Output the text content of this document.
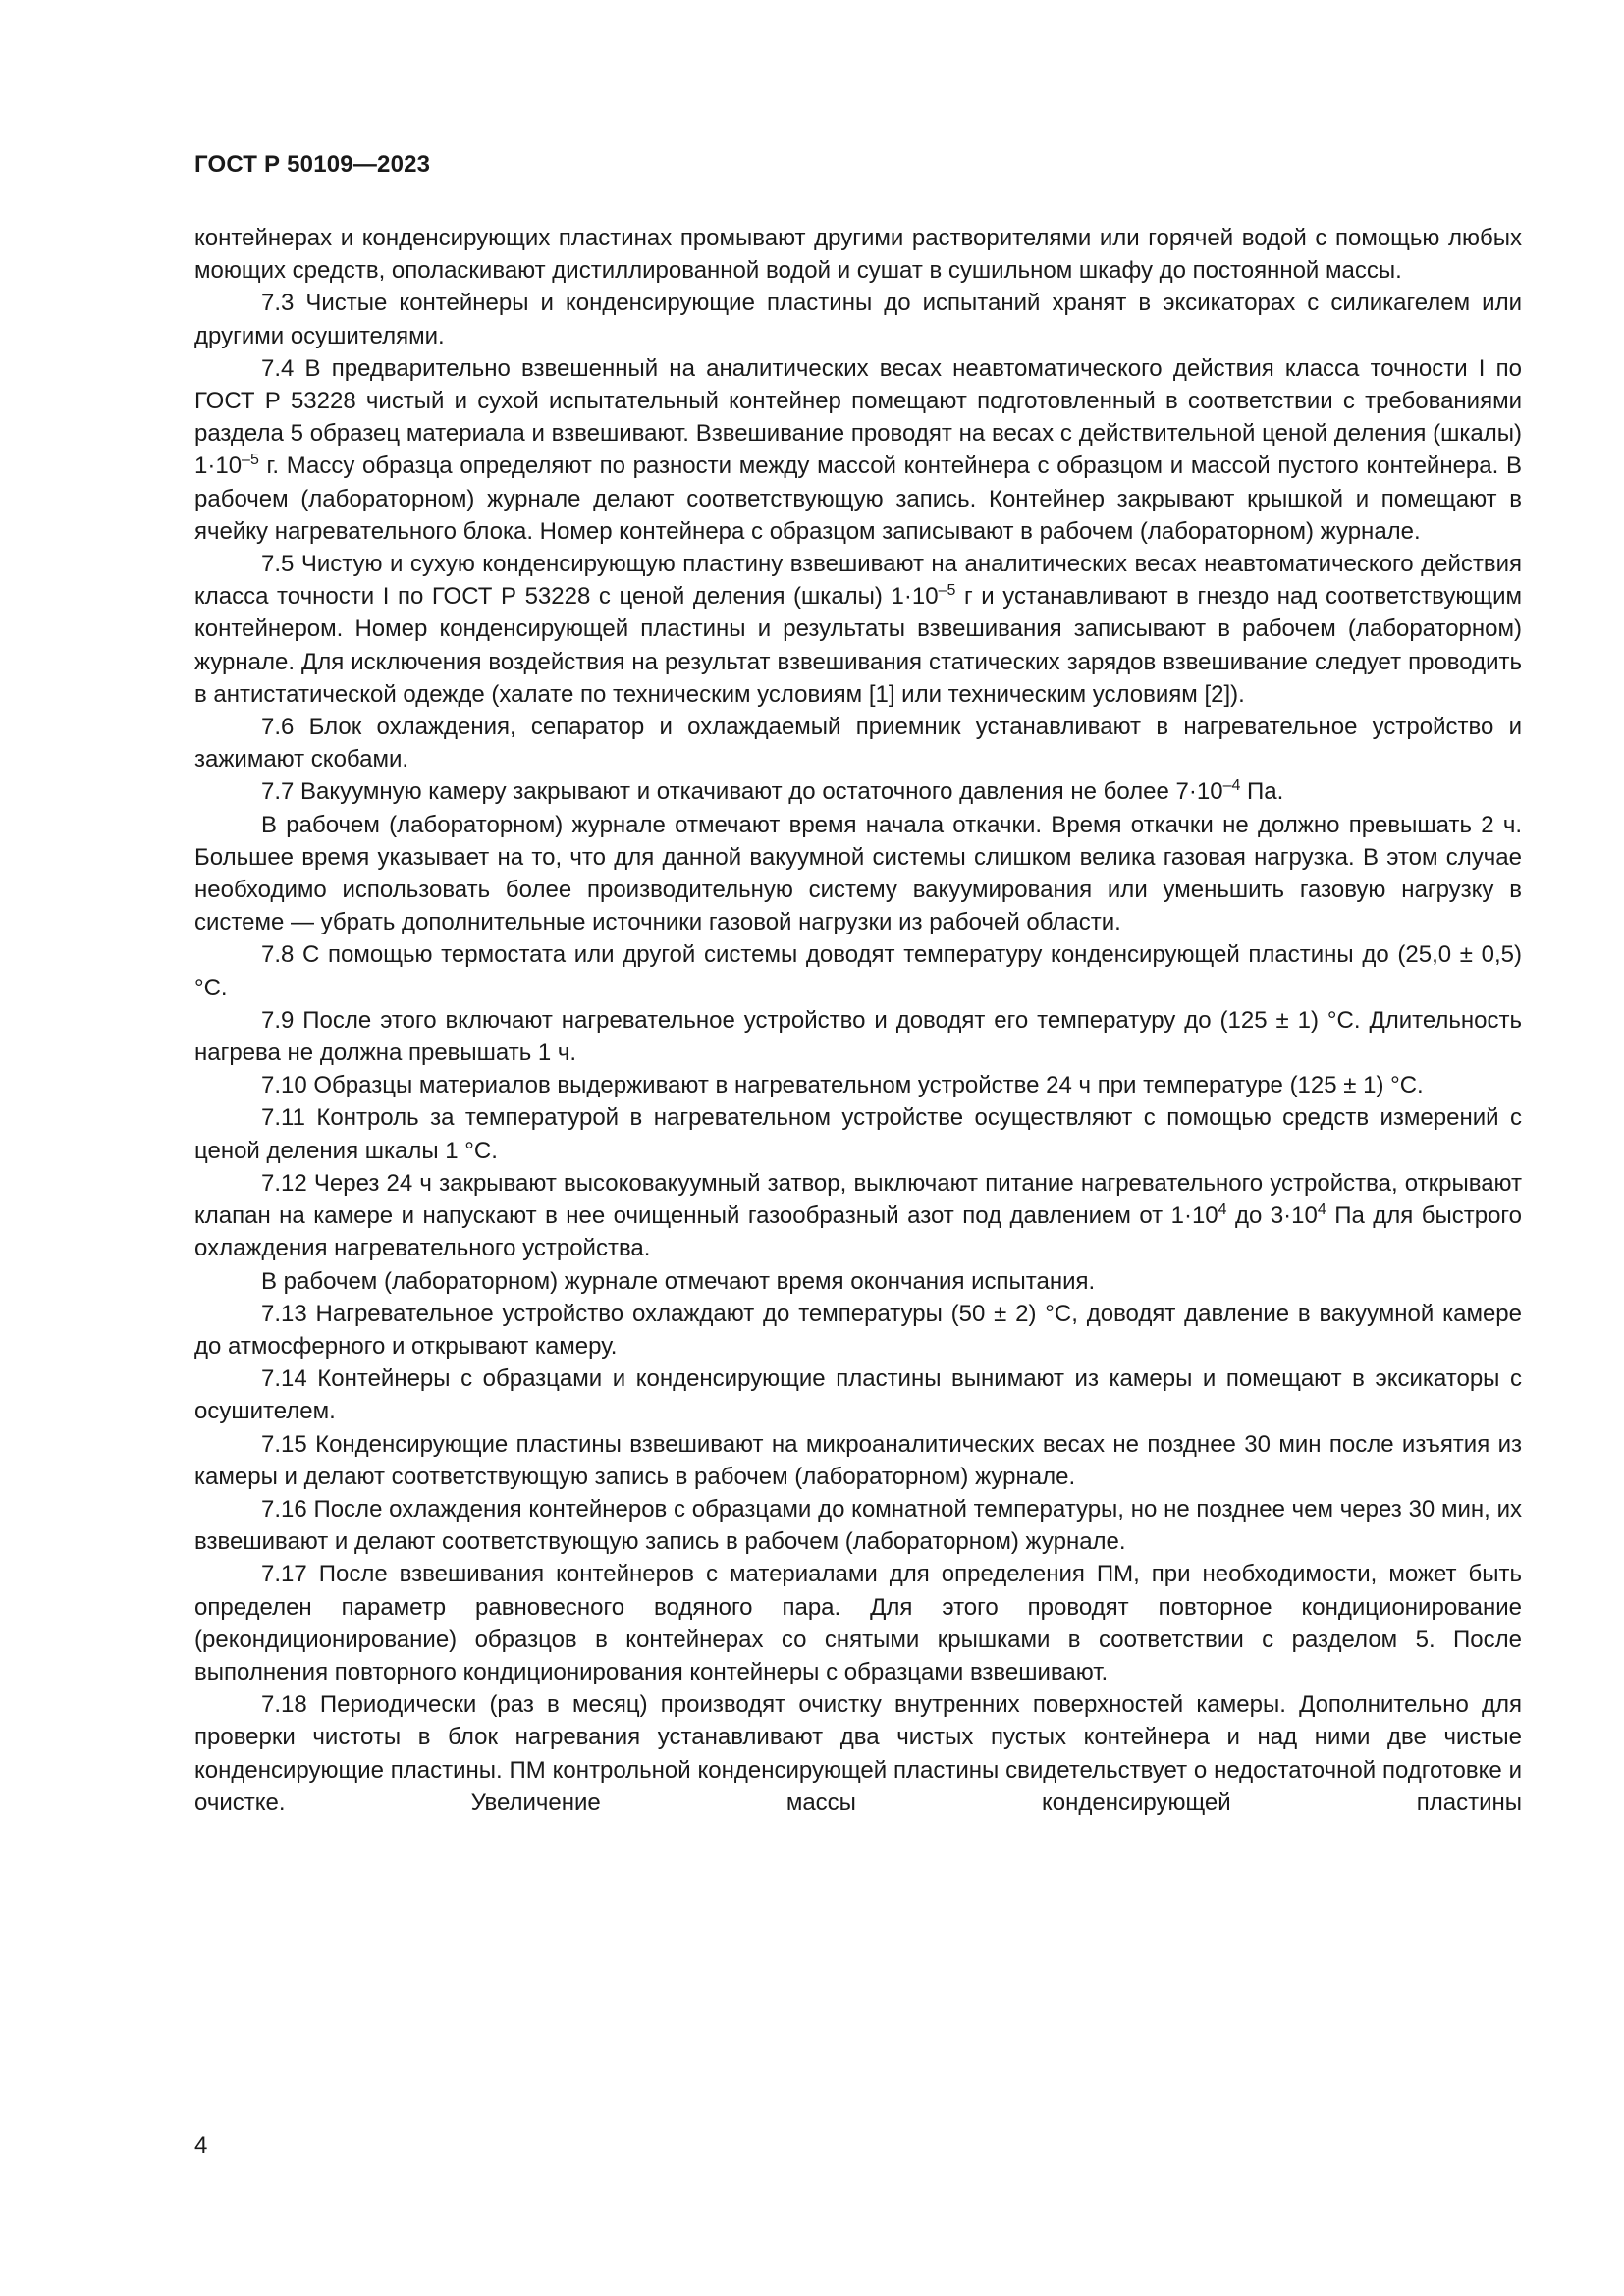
ГОСТ Р 50109—2023

контейнерах и конденсирующих пластинах промывают другими растворителями или горячей водой с помощью любых моющих средств, ополаскивают дистиллированной водой и сушат в сушильном шкафу до постоянной массы.

7.3 Чистые контейнеры и конденсирующие пластины до испытаний хранят в эксикаторах с силикагелем или другими осушителями.

7.4 В предварительно взвешенный на аналитических весах неавтоматического действия класса точности I по ГОСТ Р 53228 чистый и сухой испытательный контейнер помещают подготовленный в соответствии с требованиями раздела 5 образец материала и взвешивают. Взвешивание проводят на весах с действительной ценой деления (шкалы) $1\cdot 10^{-5}$ г. Массу образца определяют по разности между массой контейнера с образцом и массой пустого контейнера. В рабочем (лабораторном) журнале делают соответствующую запись. Контейнер закрывают крышкой и помещают в ячейку нагревательного блока. Номер контейнера с образцом записывают в рабочем (лабораторном) журнале.

7.5 Чистую и сухую конденсирующую пластину взвешивают на аналитических весах неавтоматического действия класса точности I по ГОСТ Р 53228 с ценой деления (шкалы) $1\cdot 10^{-5}$ г и устанавливают в гнездо над соответствующим контейнером. Номер конденсирующей пластины и результаты взвешивания записывают в рабочем (лабораторном) журнале. Для исключения воздействия на результат взвешивания статических зарядов взвешивание следует проводить в антистатической одежде (халате по техническим условиям [1] или техническим условиям [2]).

7.6 Блок охлаждения, сепаратор и охлаждаемый приемник устанавливают в нагревательное устройство и зажимают скобами.

7.7 Вакуумную камеру закрывают и откачивают до остаточного давления не более $7\cdot 10^{-4}$ Па.

В рабочем (лабораторном) журнале отмечают время начала откачки. Время откачки не должно превышать 2 ч. Большее время указывает на то, что для данной вакуумной системы слишком велика газовая нагрузка. В этом случае необходимо использовать более производительную систему вакуумирования или уменьшить газовую нагрузку в системе — убрать дополнительные источники газовой нагрузки из рабочей области.

7.8 С помощью термостата или другой системы доводят температуру конденсирующей пластины до (25,0 ± 0,5) °С.

7.9 После этого включают нагревательное устройство и доводят его температуру до (125 ± 1) °С. Длительность нагрева не должна превышать 1 ч.

7.10 Образцы материалов выдерживают в нагревательном устройстве 24 ч при температуре (125 ± 1) °С.

7.11 Контроль за температурой в нагревательном устройстве осуществляют с помощью средств измерений с ценой деления шкалы 1 °С.

7.12 Через 24 ч закрывают высоковакуумный затвор, выключают питание нагревательного устройства, открывают клапан на камере и напускают в нее очищенный газообразный азот под давлением от $1\cdot 10^4$ до $3\cdot 10^4$ Па для быстрого охлаждения нагревательного устройства.

В рабочем (лабораторном) журнале отмечают время окончания испытания.

7.13 Нагревательное устройство охлаждают до температуры (50 ± 2) °С, доводят давление в вакуумной камере до атмосферного и открывают камеру.

7.14 Контейнеры с образцами и конденсирующие пластины вынимают из камеры и помещают в эксикаторы с осушителем.

7.15 Конденсирующие пластины взвешивают на микроаналитических весах не позднее 30 мин после изъятия из камеры и делают соответствующую запись в рабочем (лабораторном) журнале.

7.16 После охлаждения контейнеров с образцами до комнатной температуры, но не позднее чем через 30 мин, их взвешивают и делают соответствующую запись в рабочем (лабораторном) журнале.

7.17 После взвешивания контейнеров с материалами для определения ПМ, при необходимости, может быть определен параметр равновесного водяного пара. Для этого проводят повторное кондиционирование (рекондиционирование) образцов в контейнерах со снятыми крышками в соответствии с разделом 5. После выполнения повторного кондиционирования контейнеры с образцами взвешивают.

7.18 Периодически (раз в месяц) производят очистку внутренних поверхностей камеры. Дополнительно для проверки чистоты в блок нагревания устанавливают два чистых пустых контейнера и над ними две чистые конденсирующие пластины. ПМ контрольной конденсирующей пластины свидетельствует о недостаточной подготовке и очистке. Увеличение массы конденсирующей пластины

4
